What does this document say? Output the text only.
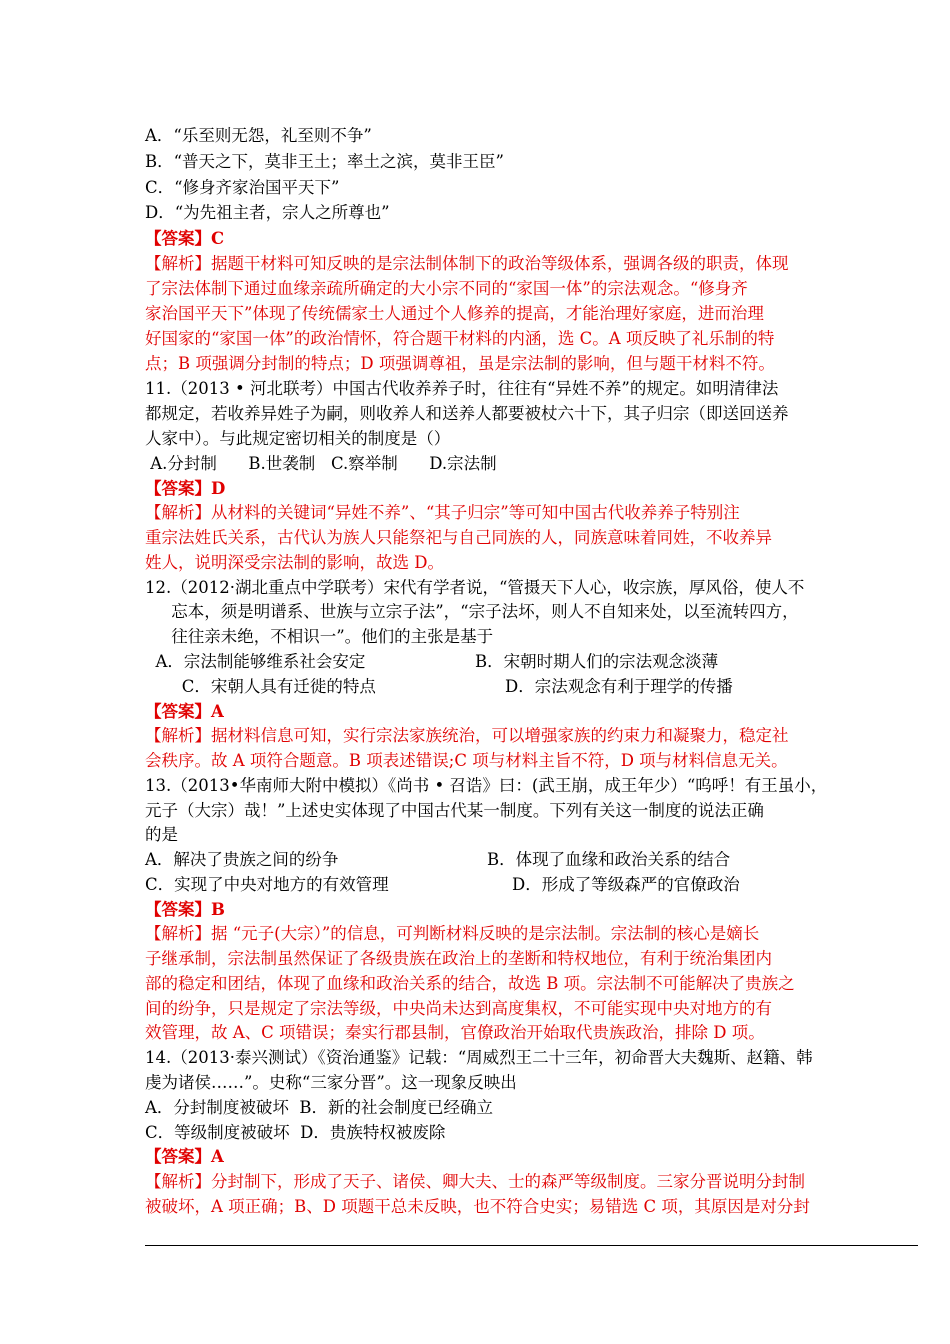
A．“乐至则无怨，礼至则不争”
B．“普天之下，莫非王土；率土之滨，莫非王臣”
C．“修身齐家治国平天下”
D．“为先祖主者，宗人之所尊也”
【答案】C
【解析】据题干材料可知反映的是宗法制体制下的政治等级体系，强调各级的职责，体现
了宗法体制下通过血缘亲疏所确定的大小宗不同的“家国一体”的宗法观念。“修身齐
家治国平天下”体现了传统儒家士人通过个人修养的提高，才能治理好家庭，进而治理
好国家的“家国一体”的政治情怀，符合题干材料的内涵，选 C。A 项反映了礼乐制的特
点；B 项强调分封制的特点；D 项强调尊祖，虽是宗法制的影响，但与题干材料不符。
11.（2013 • 河北联考）中国古代收养养子时，往往有“异姓不养”的规定。如明清律法
都规定，若收养异姓子为嗣，则收养人和送养人都要被杖六十下，其子归宗（即送回送养
人家中）。与此规定密切相关的制度是（）
A.分封制      B.世袭制   C.察举制      D.宗法制
【答案】D
【解析】从材料的关键词“异姓不养”、“其子归宗”等可知中国古代收养养子特别注
重宗法姓氏关系，古代认为族人只能祭祀与自己同族的人，同族意味着同姓，不收养异
姓人，说明深受宗法制的影响，故选 D。
12.（2012·湖北重点中学联考）宋代有学者说，“管摄天下人心，收宗族，厚风俗，使人不
忘本，须是明谱系、世族与立宗子法”，“宗子法坏，则人不自知来处，以至流转四方，
往往亲未绝，不相识一”。他们的主张是基于
A．宗法制能够维系社会安定	B．宋朝时期人们的宗法观念淡薄
C．宋朝人具有迁徙的特点	D．宗法观念有利于理学的传播
【答案】A
【解析】据材料信息可知，实行宗法家族统治，可以增强家族的约束力和凝聚力，稳定社
会秩序。故 A 项符合题意。B 项表述错误;C 项与材料主旨不符，D 项与材料信息无关。
13.（2013•华南师大附中模拟）《尚书 • 召诰》曰：(武王崩，成王年少）“呜呼！有王虽小，
元子（大宗）哉！”上述史实体现了中国古代某一制度。下列有关这一制度的说法正确
的是
A．解决了贵族之间的纷争	B．体现了血缘和政治关系的结合
C．实现了中央对地方的有效管理	D．形成了等级森严的官僚政治
【答案】B
【解析】据 “元子(大宗）”的信息，可判断材料反映的是宗法制。宗法制的核心是嫡长
子继承制，宗法制虽然保证了各级贵族在政治上的垄断和特权地位，有利于统治集团内
部的稳定和团结，体现了血缘和政治关系的结合，故选 B 项。宗法制不可能解决了贵族之
间的纷争，只是规定了宗法等级，中央尚未达到高度集权，不可能实现中央对地方的有
效管理，故 A、C 项错误；秦实行郡县制，官僚政治开始取代贵族政治，排除 D 项。
14.（2013·泰兴测试）《资治通鉴》记载：“周威烈王二十三年，初命晋大夫魏斯、赵籍、韩
虔为诸侯……”。史称“三家分晋”。这一现象反映出
A．分封制度被破坏  B．新的社会制度已经确立
C．等级制度被破坏  D．贵族特权被废除
【答案】A
【解析】分封制下，形成了天子、诸侯、卿大夫、士的森严等级制度。三家分晋说明分封制
被破坏，A 项正确；B、D 项题干总未反映，也不符合史实；易错选 C 项，其原因是对分封
